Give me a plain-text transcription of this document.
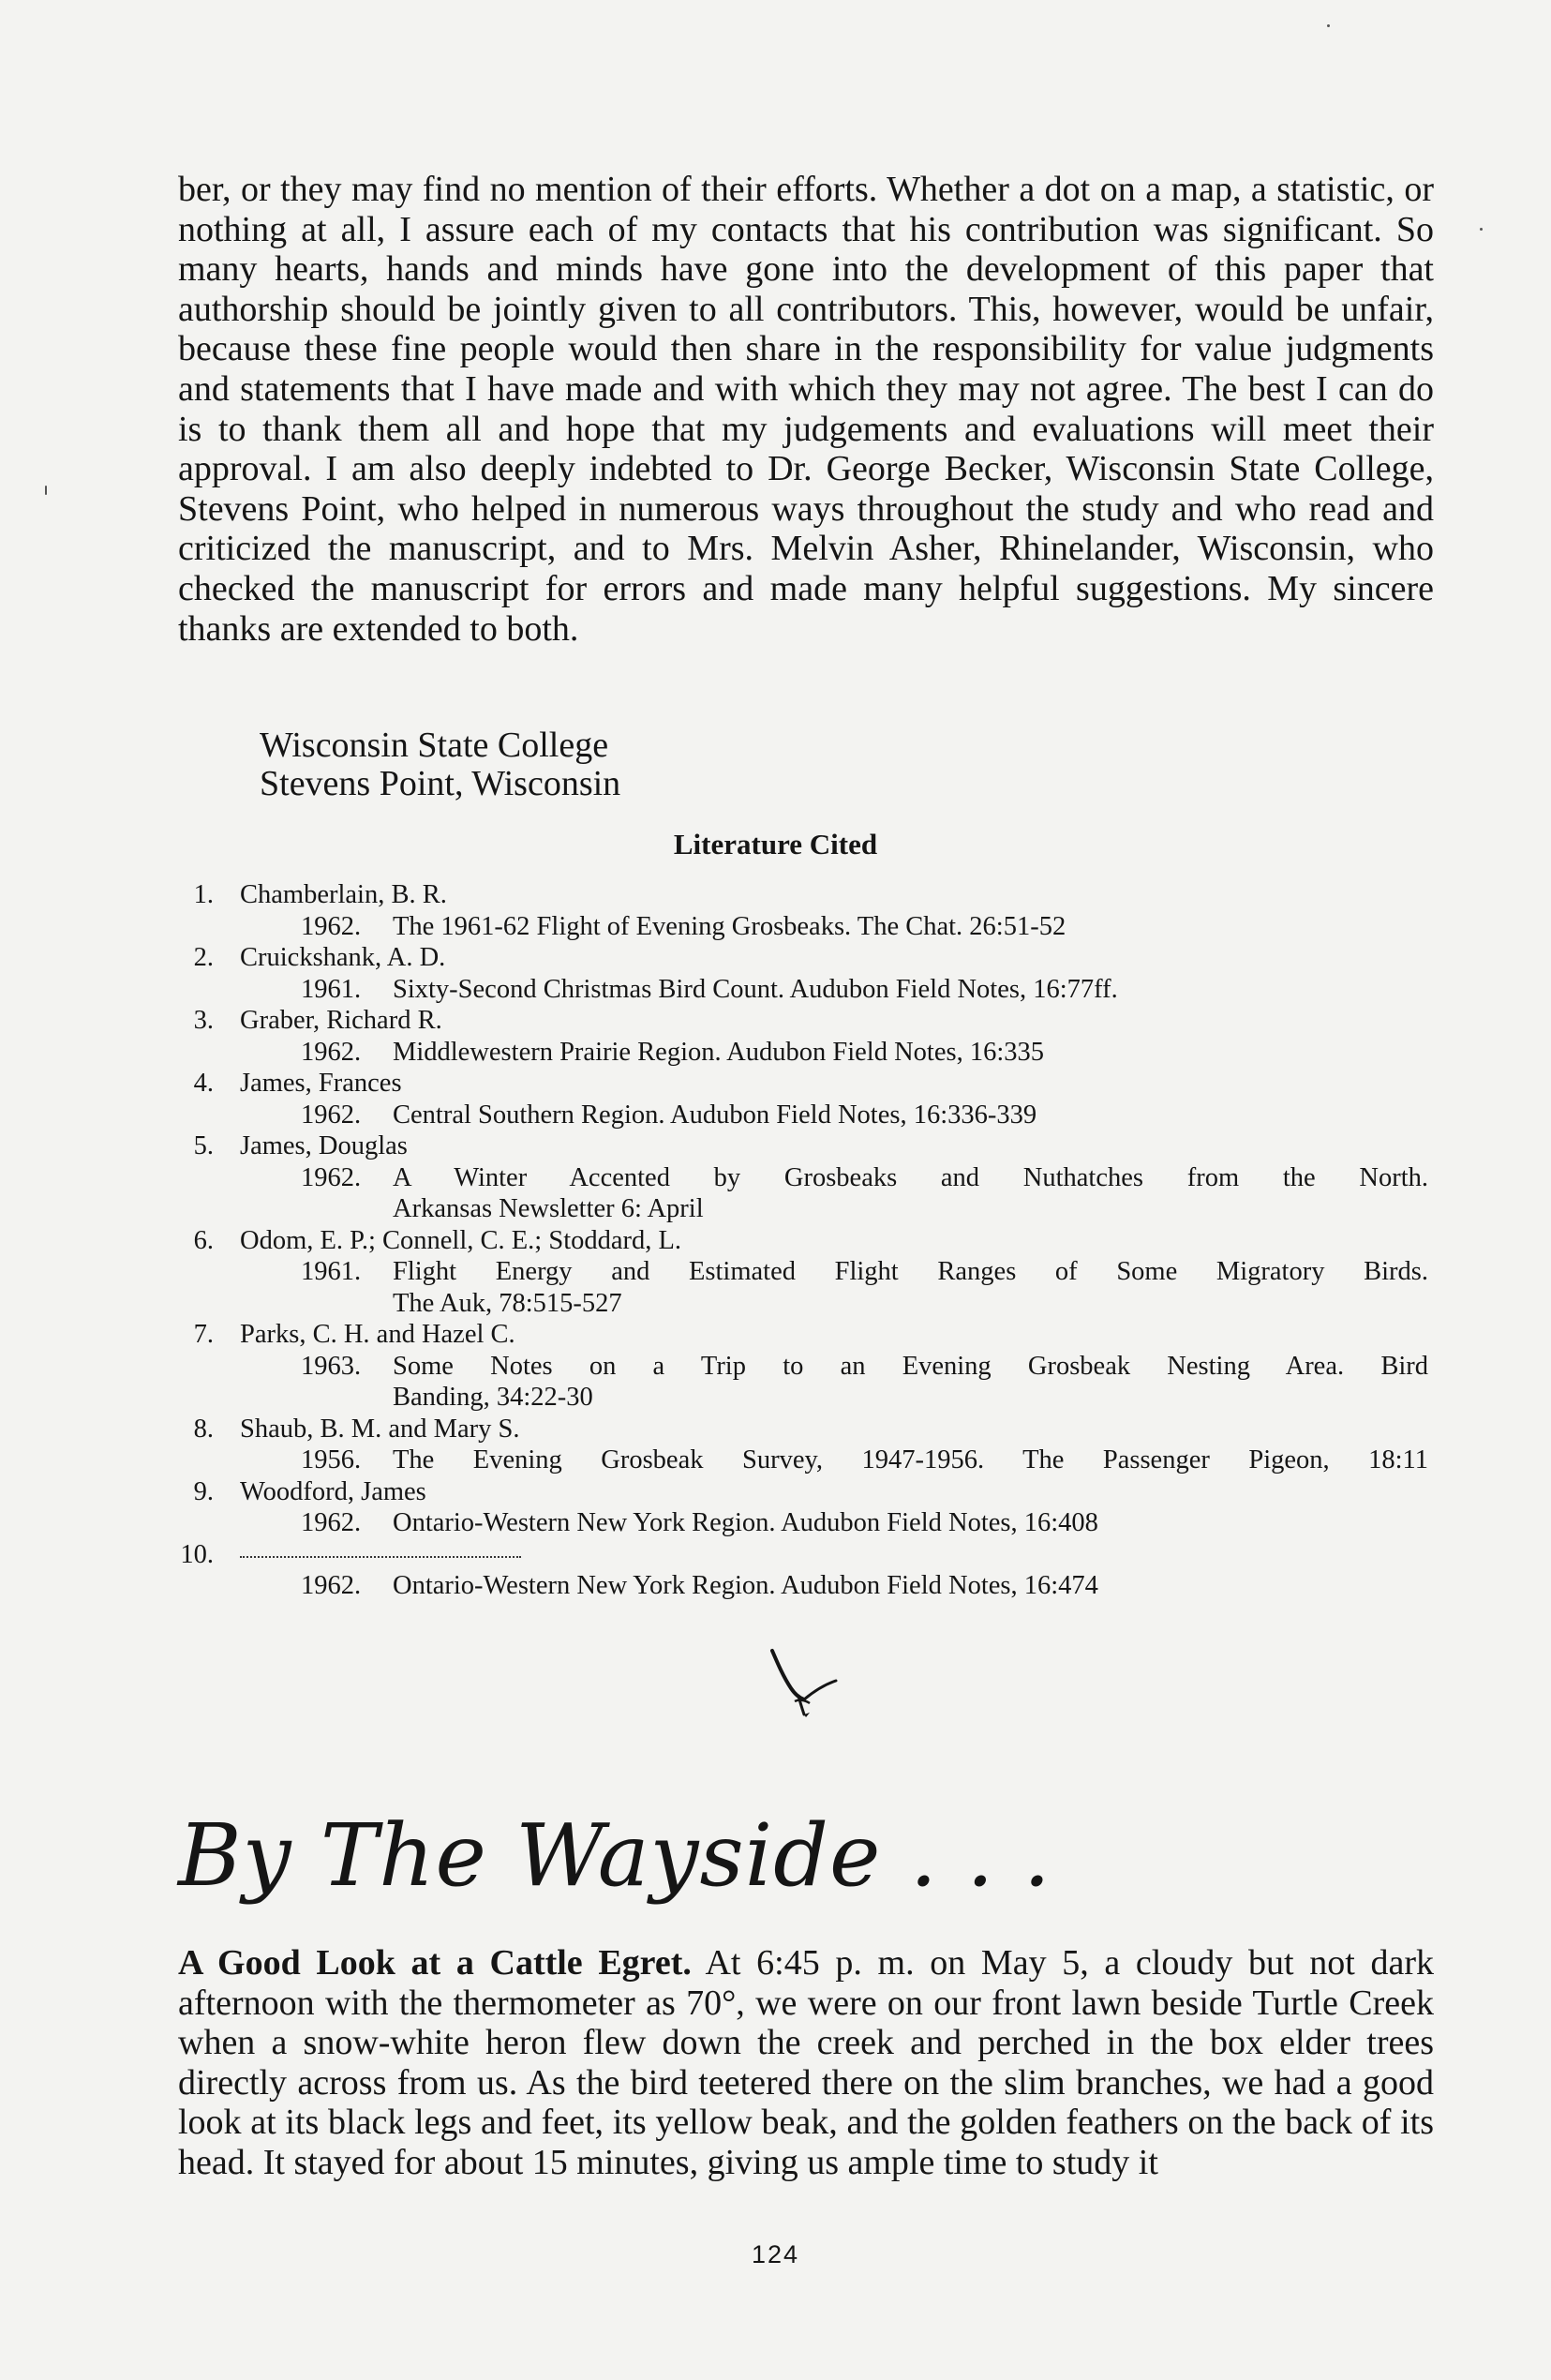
ber, or they may find no mention of their efforts. Whether a dot on a map, a statistic, or nothing at all, I assure each of my contacts that his contribution was significant. So many hearts, hands and minds have gone into the development of this paper that authorship should be jointly given to all contributors. This, however, would be unfair, because these fine people would then share in the responsibility for value judgments and statements that I have made and with which they may not agree. The best I can do is to thank them all and hope that my judgements and evaluations will meet their approval. I am also deeply indebted to Dr. George Becker, Wisconsin State College, Stevens Point, who helped in numerous ways throughout the study and who read and criticized the manuscript, and to Mrs. Melvin Asher, Rhinelander, Wisconsin, who checked the manuscript for errors and made many helpful suggestions. My sincere thanks are extended to both.

Wisconsin State College
Stevens Point, Wisconsin
Literature Cited
1. Chamberlain, B. R.
1962. The 1961-62 Flight of Evening Grosbeaks. The Chat. 26:51-52
2. Cruickshank, A. D.
1961. Sixty-Second Christmas Bird Count. Audubon Field Notes, 16:77ff.
3. Graber, Richard R.
1962. Middlewestern Prairie Region. Audubon Field Notes, 16:335
4. James, Frances
1962. Central Southern Region. Audubon Field Notes, 16:336-339
5. James, Douglas
1962. A Winter Accented by Grosbeaks and Nuthatches from the North.
Arkansas Newsletter 6: April
6. Odom, E. P.; Connell, C. E.; Stoddard, L.
1961. Flight Energy and Estimated Flight Ranges of Some Migratory Birds.
The Auk, 78:515-527
7. Parks, C. H. and Hazel C.
1963. Some Notes on a Trip to an Evening Grosbeak Nesting Area. Bird
Banding, 34:22-30
8. Shaub, B. M. and Mary S.
1956. The Evening Grosbeak Survey, 1947-1956. The Passenger Pigeon, 18:11
9. Woodford, James
1962. Ontario-Western New York Region. Audubon Field Notes, 16:408
10.
1962. Ontario-Western New York Region. Audubon Field Notes, 16:474
By The Wayside . . .

A Good Look at a Cattle Egret. At 6:45 p. m. on May 5, a cloudy but not dark afternoon with the thermometer as 70°, we were on our front lawn beside Turtle Creek when a snow-white heron flew down the creek and perched in the box elder trees directly across from us. As the bird teetered there on the slim branches, we had a good look at its black legs and feet, its yellow beak, and the golden feathers on the back of its head. It stayed for about 15 minutes, giving us ample time to study it

124
